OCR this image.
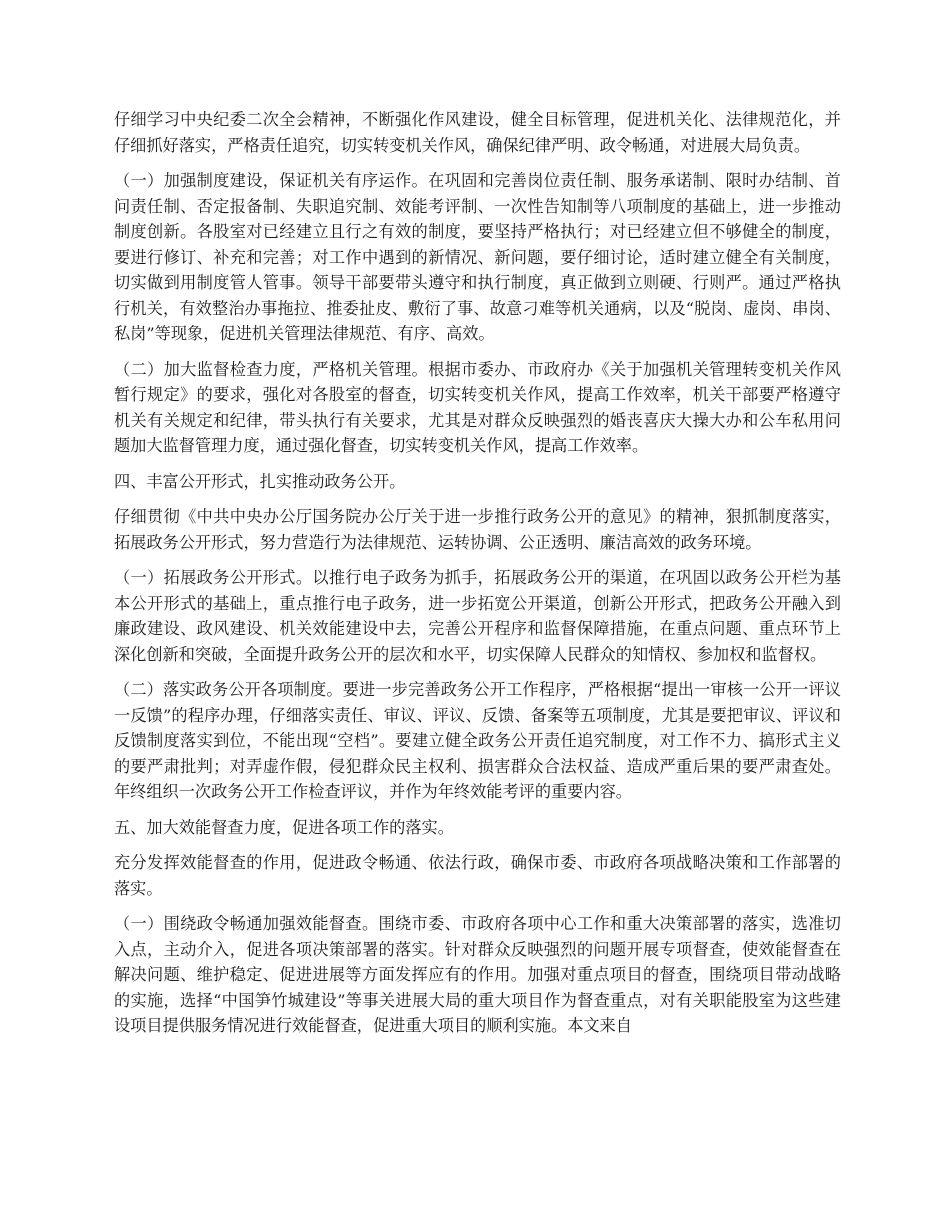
仔细学习中央纪委二次全会精神，不断强化作风建设，健全目标管理，促进机关化、法律规范化，并仔细抓好落实，严格责任追究，切实转变机关作风，确保纪律严明、政令畅通，对进展大局负责。

（一）加强制度建设，保证机关有序运作。在巩固和完善岗位责任制、服务承诺制、限时办结制、首问责任制、否定报备制、失职追究制、效能考评制、一次性告知制等八项制度的基础上，进一步推动制度创新。各股室对已经建立且行之有效的制度，要坚持严格执行；对已经建立但不够健全的制度，要进行修订、补充和完善；对工作中遇到的新情况、新问题，要仔细讨论，适时建立健全有关制度，切实做到用制度管人管事。领导干部要带头遵守和执行制度，真正做到立则硬、行则严。通过严格执行机关，有效整治办事拖拉、推委扯皮、敷衍了事、故意刁难等机关通病，以及“脱岗、虚岗、串岗、私岗”等现象，促进机关管理法律规范、有序、高效。

（二）加大监督检查力度，严格机关管理。根据市委办、市政府办《关于加强机关管理转变机关作风暂行规定》的要求，强化对各股室的督查，切实转变机关作风，提高工作效率，机关干部要严格遵守机关有关规定和纪律，带头执行有关要求，尤其是对群众反映强烈的婚丧喜庆大操大办和公车私用问题加大监督管理力度，通过强化督查，切实转变机关作风，提高工作效率。

四、丰富公开形式，扎实推动政务公开。

仔细贯彻《中共中央办公厅国务院办公厅关于进一步推行政务公开的意见》的精神，狠抓制度落实，拓展政务公开形式，努力营造行为法律规范、运转协调、公正透明、廉洁高效的政务环境。

（一）拓展政务公开形式。以推行电子政务为抓手，拓展政务公开的渠道，在巩固以政务公开栏为基本公开形式的基础上，重点推行电子政务，进一步拓宽公开渠道，创新公开形式，把政务公开融入到廉政建设、政风建设、机关效能建设中去，完善公开程序和监督保障措施，在重点问题、重点环节上深化创新和突破，全面提升政务公开的层次和水平，切实保障人民群众的知情权、参加权和监督权。

（二）落实政务公开各项制度。要进一步完善政务公开工作程序，严格根据“提出一审核一公开一评议一反馈”的程序办理，仔细落实责任、审议、评议、反馈、备案等五项制度，尤其是要把审议、评议和反馈制度落实到位，不能出现“空档”。要建立健全政务公开责任追究制度，对工作不力、搞形式主义的要严肃批判；对弄虚作假，侵犯群众民主权利、损害群众合法权益、造成严重后果的要严肃查处。年终组织一次政务公开工作检查评议，并作为年终效能考评的重要内容。

五、加大效能督查力度，促进各项工作的落实。

充分发挥效能督查的作用，促进政令畅通、依法行政，确保市委、市政府各项战略决策和工作部署的落实。

（一）围绕政令畅通加强效能督查。围绕市委、市政府各项中心工作和重大决策部署的落实，选准切入点，主动介入，促进各项决策部署的落实。针对群众反映强烈的问题开展专项督查，使效能督查在解决问题、维护稳定、促进进展等方面发挥应有的作用。加强对重点项目的督查，围绕项目带动战略的实施，选择“中国笋竹城建设”等事关进展大局的重大项目作为督查重点，对有关职能股室为这些建设项目提供服务情况进行效能督查，促进重大项目的顺利实施。本文来自
